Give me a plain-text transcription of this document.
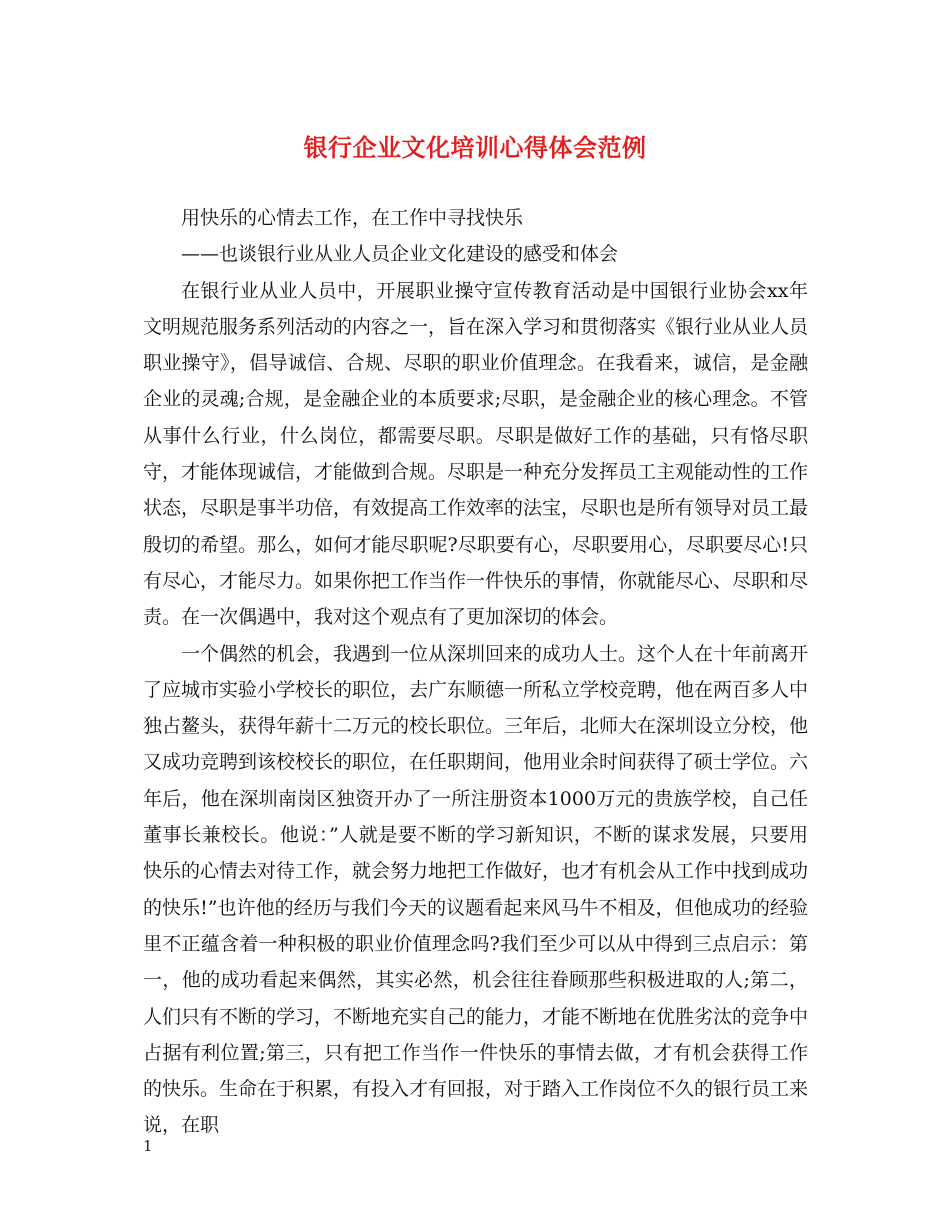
银行企业文化培训心得体会范例

用快乐的心情去工作，在工作中寻找快乐

——也谈银行业从业人员企业文化建设的感受和体会

在银行业从业人员中，开展职业操守宣传教育活动是中国银行业协会xx年文明规范服务系列活动的内容之一，旨在深入学习和贯彻落实《银行业从业人员职业操守》，倡导诚信、合规、尽职的职业价值理念。在我看来，诚信，是金融企业的灵魂;合规，是金融企业的本质要求;尽职，是金融企业的核心理念。不管从事什么行业，什么岗位，都需要尽职。尽职是做好工作的基础，只有恪尽职守，才能体现诚信，才能做到合规。尽职是一种充分发挥员工主观能动性的工作状态，尽职是事半功倍，有效提高工作效率的法宝，尽职也是所有领导对员工最殷切的希望。那么，如何才能尽职呢?尽职要有心，尽职要用心，尽职要尽心!只有尽心，才能尽力。如果你把工作当作一件快乐的事情，你就能尽心、尽职和尽责。在一次偶遇中，我对这个观点有了更加深切的体会。

一个偶然的机会，我遇到一位从深圳回来的成功人士。这个人在十年前离开了应城市实验小学校长的职位，去广东顺德一所私立学校竞聘，他在两百多人中独占鳌头，获得年薪十二万元的校长职位。三年后，北师大在深圳设立分校，他又成功竞聘到该校校长的职位，在任职期间，他用业余时间获得了硕士学位。六年后，他在深圳南岗区独资开办了一所注册资本1000万元的贵族学校，自己任董事长兼校长。他说：”人就是要不断的学习新知识，不断的谋求发展，只要用快乐的心情去对待工作，就会努力地把工作做好，也才有机会从工作中找到成功的快乐!”也许他的经历与我们今天的议题看起来风马牛不相及，但他成功的经验里不正蕴含着一种积极的职业价值理念吗?我们至少可以从中得到三点启示：第一，他的成功看起来偶然，其实必然，机会往往眷顾那些积极进取的人;第二，人们只有不断的学习，不断地充实自己的能力，才能不断地在优胜劣汰的竞争中占据有利位置;第三，只有把工作当作一件快乐的事情去做，才有机会获得工作的快乐。生命在于积累，有投入才有回报，对于踏入工作岗位不久的银行员工来说，在职

1
